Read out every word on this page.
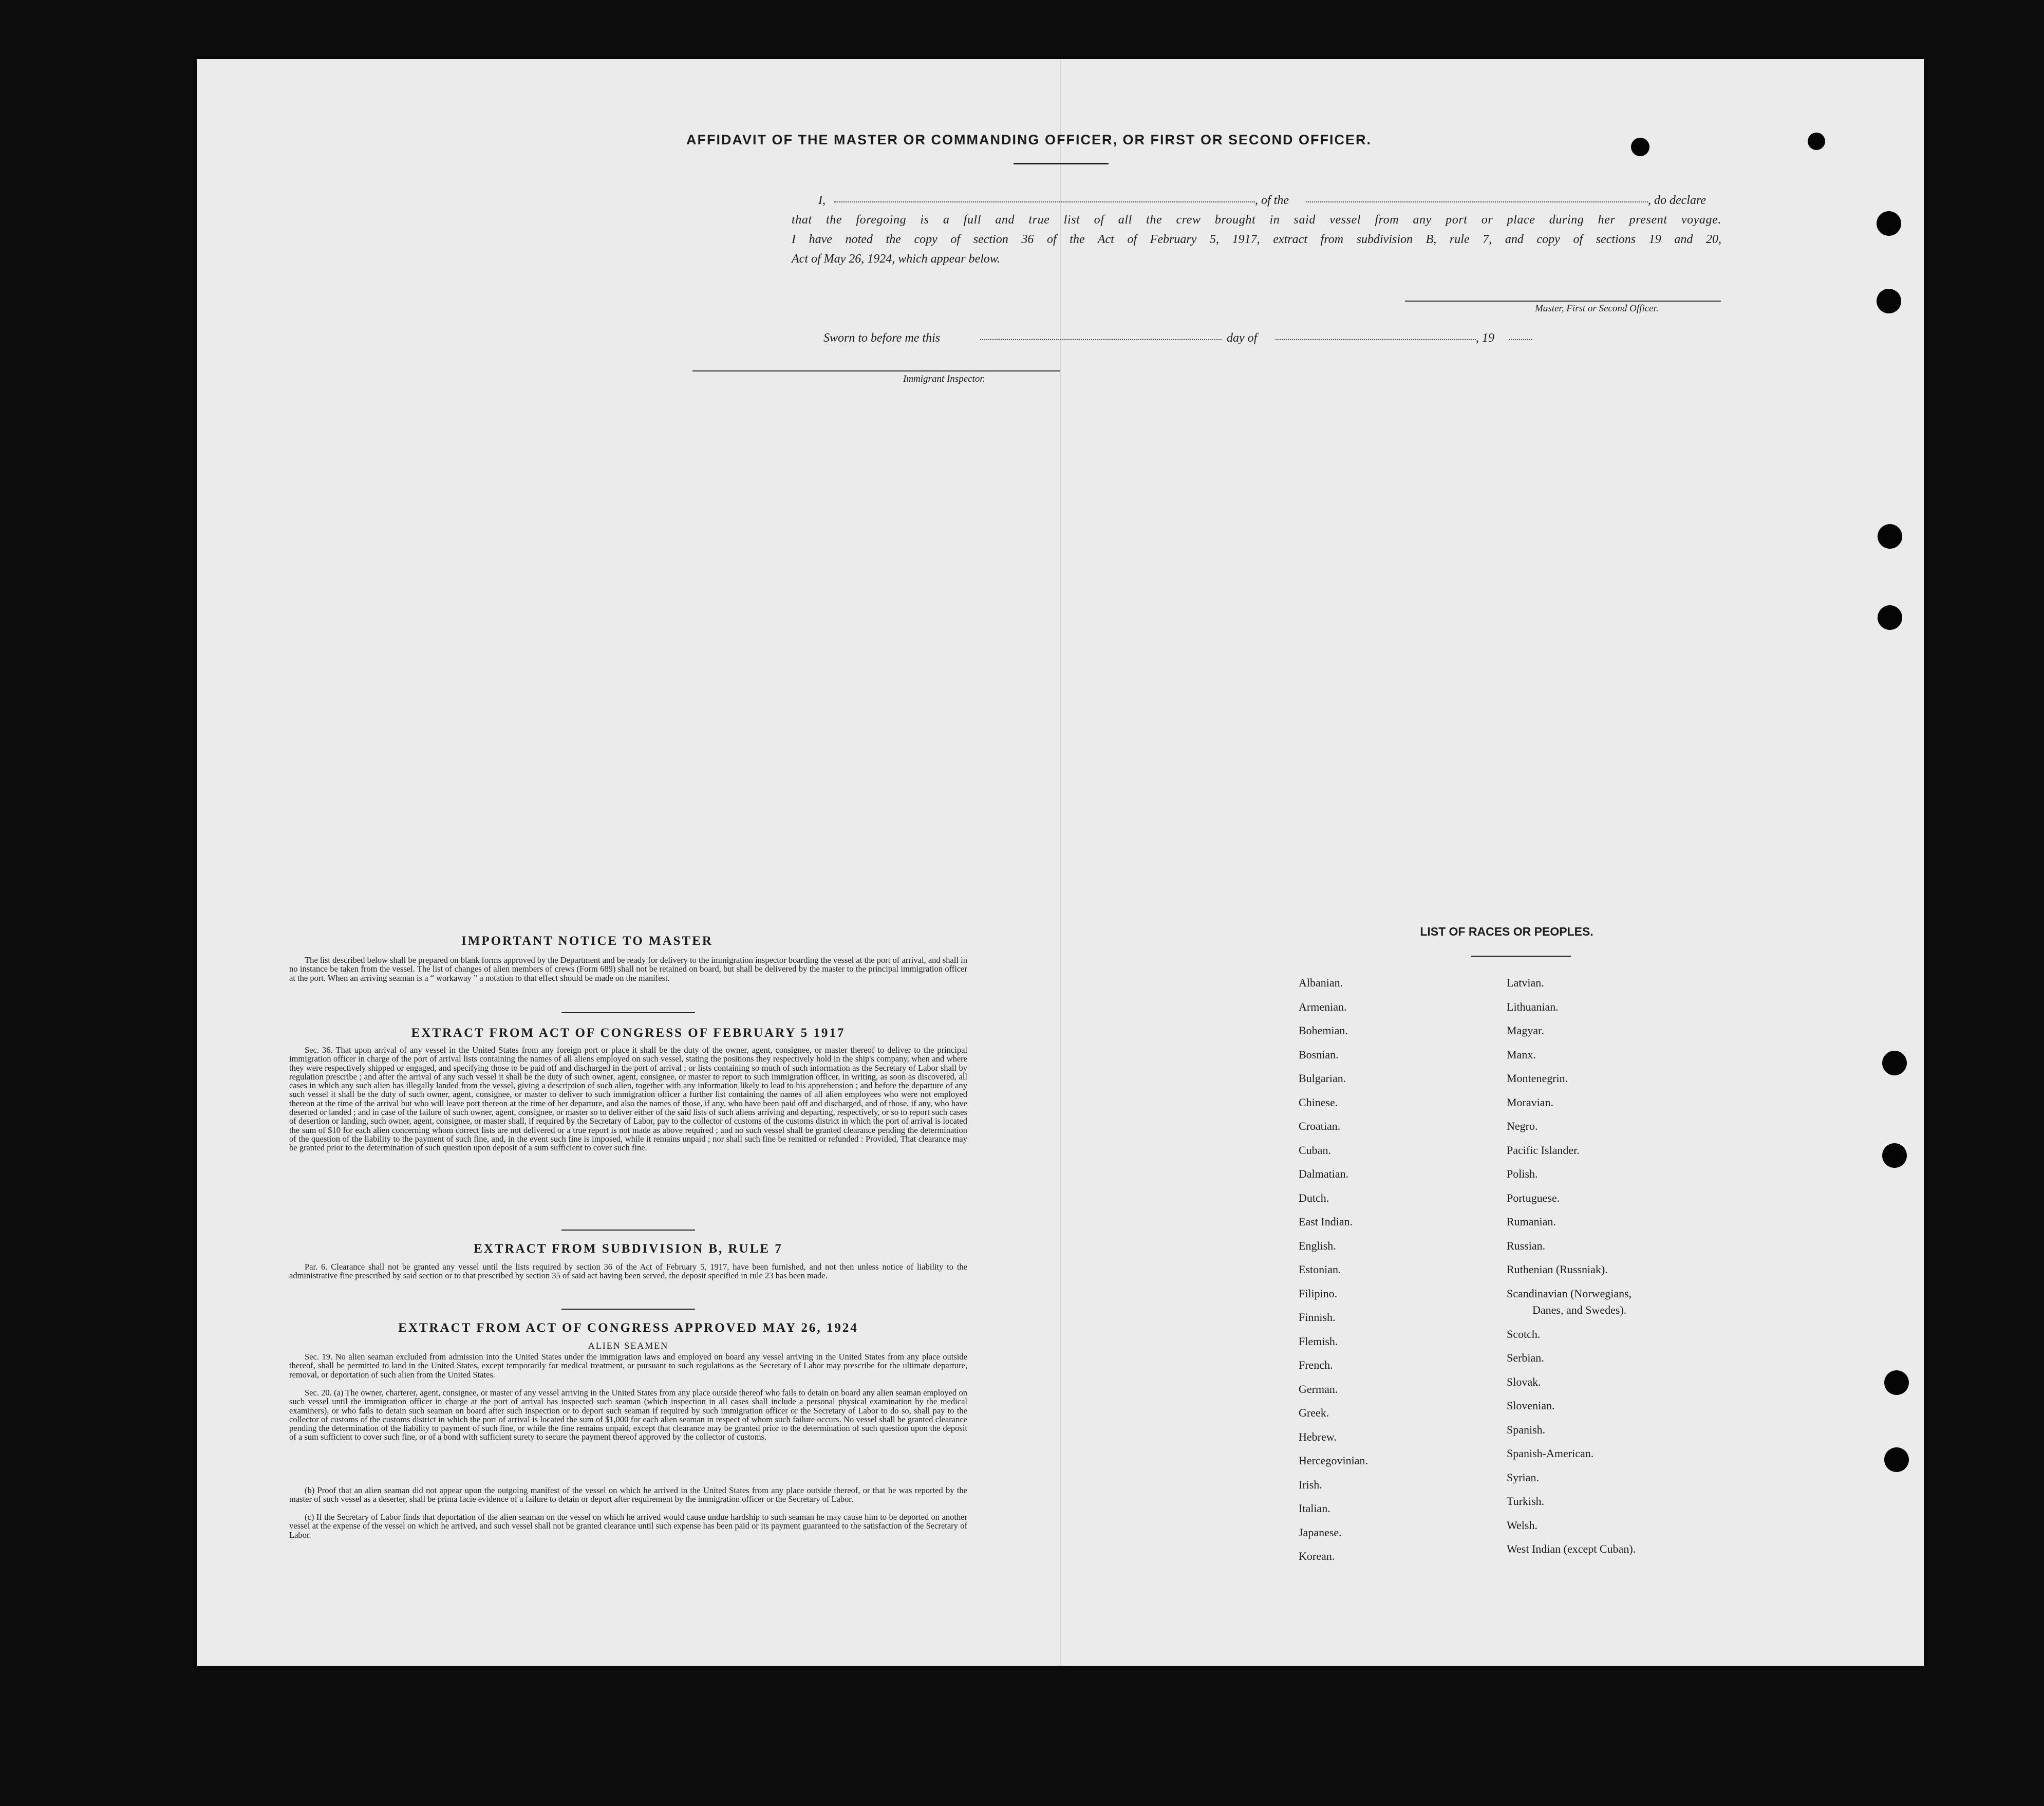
AFFIDAVIT OF THE MASTER OR COMMANDING OFFICER, OR FIRST OR SECOND OFFICER.
I,	, of the	, do declare
that the foregoing is a full and true list of all the crew brought in said vessel from any port or place during her present voyage.
I have noted the copy of section 36 of the Act of February 5, 1917, extract from subdivision B, rule 7, and copy of sections 19 and 20,
Act of May 26, 1924, which appear below.
Master, First or Second Officer.
Sworn to before me this	day of	, 19
Immigrant Inspector.
IMPORTANT NOTICE TO MASTER
The list described below shall be prepared on blank forms approved by the Department and be ready for delivery to the immigration inspector boarding the vessel at the port of arrival, and shall in no instance be taken from the vessel. The list of changes of alien members of crews (Form 689) shall not be retained on board, but shall be delivered by the master to the principal immigration officer at the port. When an arriving seaman is a “ workaway ” a notation to that effect should be made on the manifest.
EXTRACT FROM ACT OF CONGRESS OF FEBRUARY 5 1917
Sec. 36. That upon arrival of any vessel in the United States from any foreign port or place it shall be the duty of the owner, agent, consignee, or master thereof to deliver to the principal immigration officer in charge of the port of arrival lists containing the names of all aliens employed on such vessel, stating the positions they respectively hold in the ship's company, when and where they were respectively shipped or engaged, and specifying those to be paid off and discharged in the port of arrival ; or lists containing so much of such information as the Secretary of Labor shall by regulation prescribe ; and after the arrival of any such vessel it shall be the duty of such owner, agent, consignee, or master to report to such immigration officer, in writing, as soon as discovered, all cases in which any such alien has illegally landed from the vessel, giving a description of such alien, together with any information likely to lead to his apprehension ; and before the departure of any such vessel it shall be the duty of such owner, agent, consignee, or master to deliver to such immigration officer a further list containing the names of all alien employees who were not employed thereon at the time of the arrival but who will leave port thereon at the time of her departure, and also the names of those, if any, who have been paid off and discharged, and of those, if any, who have deserted or landed ; and in case of the failure of such owner, agent, consignee, or master so to deliver either of the said lists of such aliens arriving and departing, respectively, or so to report such cases of desertion or landing, such owner, agent, consignee, or master shall, if required by the Secretary of Labor, pay to the collector of customs of the customs district in which the port of arrival is located the sum of $10 for each alien concerning whom correct lists are not delivered or a true report is not made as above required ; and no such vessel shall be granted clearance pending the determination of the question of the liability to the payment of such fine, and, in the event such fine is imposed, while it remains unpaid ; nor shall such fine be remitted or refunded : Provided, That clearance may be granted prior to the determination of such question upon deposit of a sum sufficient to cover such fine.
EXTRACT FROM SUBDIVISION B, RULE 7
Par. 6. Clearance shall not be granted any vessel until the lists required by section 36 of the Act of February 5, 1917, have been furnished, and not then unless notice of liability to the administrative fine prescribed by said section or to that prescribed by section 35 of said act having been served, the deposit specified in rule 23 has been made.
EXTRACT FROM ACT OF CONGRESS APPROVED MAY 26, 1924
ALIEN SEAMEN
Sec. 19. No alien seaman excluded from admission into the United States under the immigration laws and employed on board any vessel arriving in the United States from any place outside thereof, shall be permitted to land in the United States, except temporarily for medical treatment, or pursuant to such regulations as the Secretary of Labor may prescribe for the ultimate departure, removal, or deportation of such alien from the United States.
Sec. 20. (a) The owner, charterer, agent, consignee, or master of any vessel arriving in the United States from any place outside thereof who fails to detain on board any alien seaman employed on such vessel until the immigration officer in charge at the port of arrival has inspected such seaman (which inspection in all cases shall include a personal physical examination by the medical examiners), or who fails to detain such seaman on board after such inspection or to deport such seaman if required by such immigration officer or the Secretary of Labor to do so, shall pay to the collector of customs of the customs district in which the port of arrival is located the sum of $1,000 for each alien seaman in respect of whom such failure occurs. No vessel shall be granted clearance pending the determination of the liability to payment of such fine, or while the fine remains unpaid, except that clearance may be granted prior to the determination of such question upon the deposit of a sum sufficient to cover such fine, or of a bond with sufficient surety to secure the payment thereof approved by the collector of customs.
(b) Proof that an alien seaman did not appear upon the outgoing manifest of the vessel on which he arrived in the United States from any place outside thereof, or that he was reported by the master of such vessel as a deserter, shall be prima facie evidence of a failure to detain or deport after requirement by the immigration officer or the Secretary of Labor.
(c) If the Secretary of Labor finds that deportation of the alien seaman on the vessel on which he arrived would cause undue hardship to such seaman he may cause him to be deported on another vessel at the expense of the vessel on which he arrived, and such vessel shall not be granted clearance until such expense has been paid or its payment guaranteed to the satisfaction of the Secretary of Labor.
LIST OF RACES OR PEOPLES.
Albanian.
Armenian.
Bohemian.
Bosnian.
Bulgarian.
Chinese.
Croatian.
Cuban.
Dalmatian.
Dutch.
East Indian.
English.
Estonian.
Filipino.
Finnish.
Flemish.
French.
German.
Greek.
Hebrew.
Hercegovinian.
Irish.
Italian.
Japanese.
Korean.
Latvian.
Lithuanian.
Magyar.
Manx.
Montenegrin.
Moravian.
Negro.
Pacific Islander.
Polish.
Portuguese.
Rumanian.
Russian.
Ruthenian (Russniak).
Scandinavian (Norwegians,
Danes, and Swedes).
Scotch.
Serbian.
Slovak.
Slovenian.
Spanish.
Spanish-American.
Syrian.
Turkish.
Welsh.
West Indian (except Cuban).
